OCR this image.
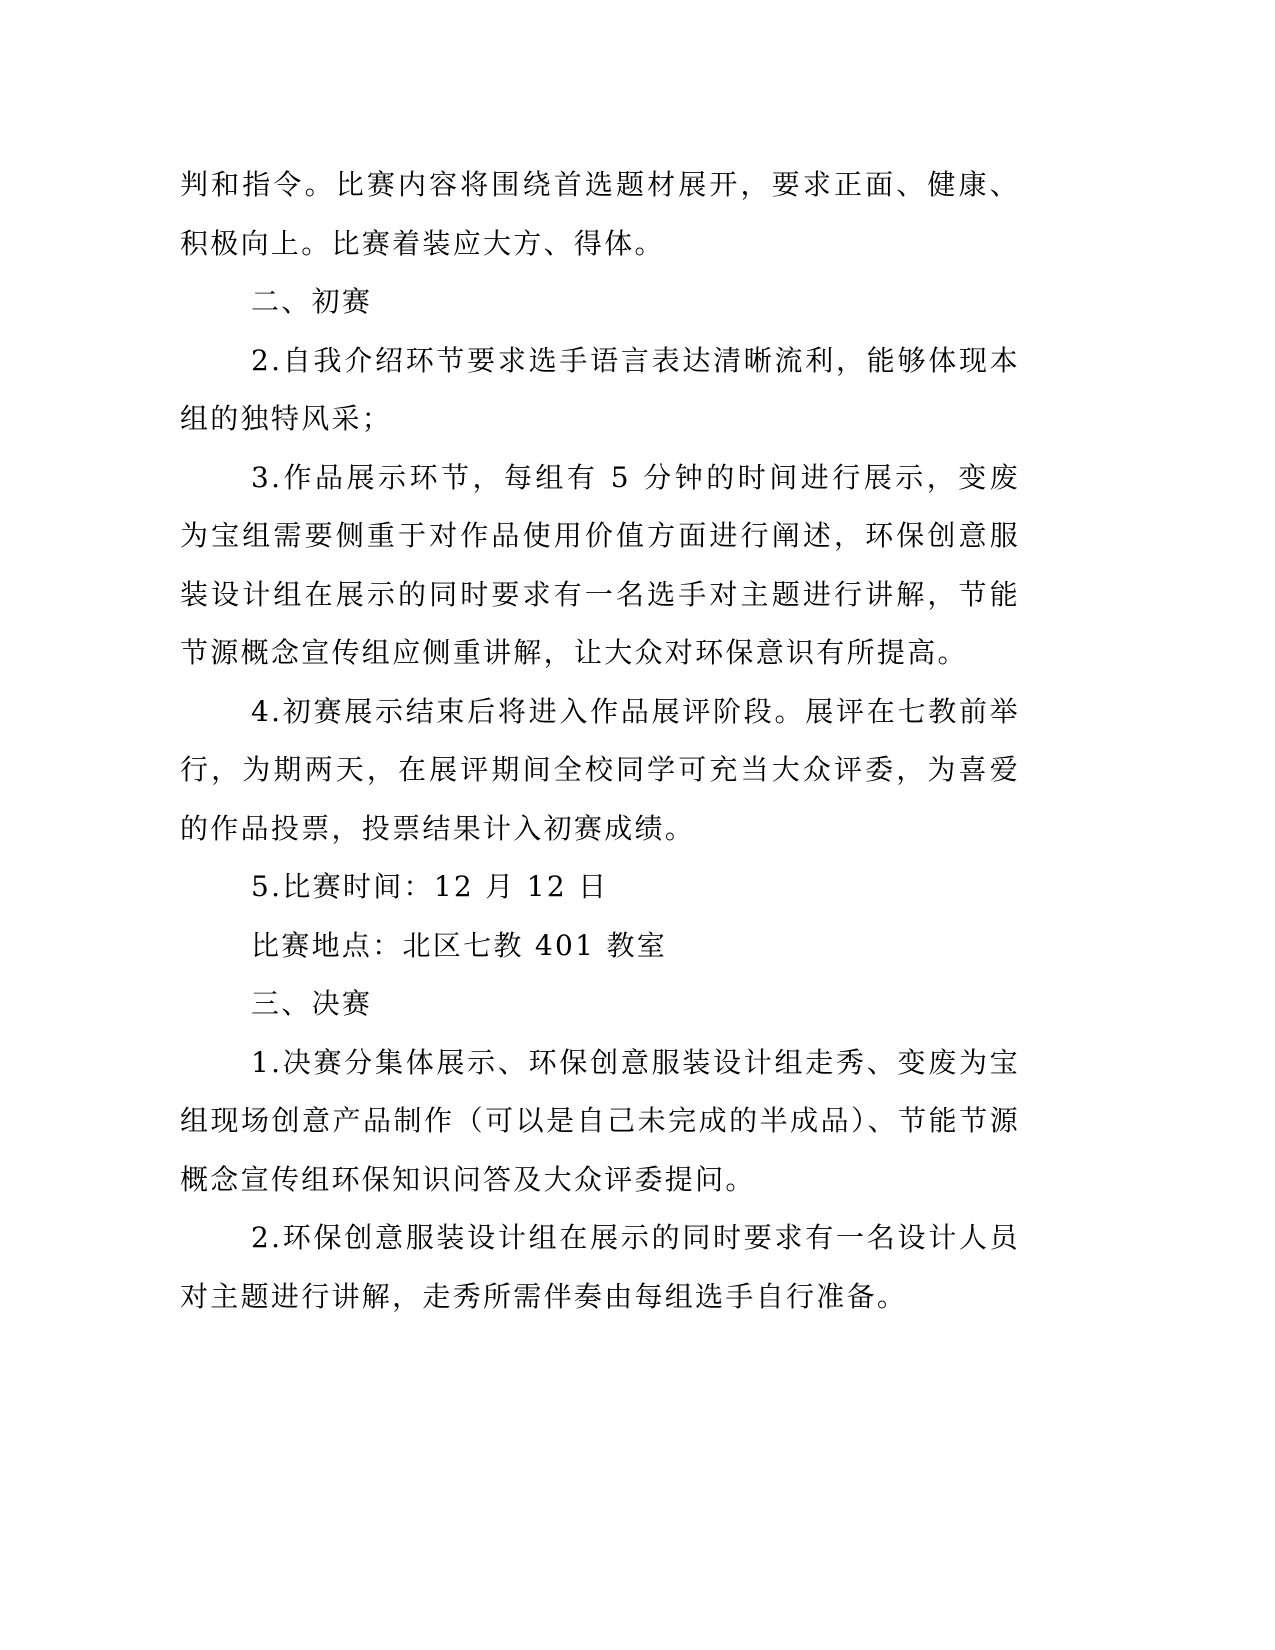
判和指令。比赛内容将围绕首选题材展开，要求正面、健康、积极向上。比赛着装应大方、得体。

二、初赛

2.自我介绍环节要求选手语言表达清晰流利，能够体现本组的独特风采；

3.作品展示环节，每组有 5 分钟的时间进行展示，变废为宝组需要侧重于对作品使用价值方面进行阐述，环保创意服装设计组在展示的同时要求有一名选手对主题进行讲解，节能节源概念宣传组应侧重讲解，让大众对环保意识有所提高。

4.初赛展示结束后将进入作品展评阶段。展评在七教前举行，为期两天，在展评期间全校同学可充当大众评委，为喜爱的作品投票，投票结果计入初赛成绩。

5.比赛时间：12 月 12 日

比赛地点：北区七教 401 教室

三、决赛

1.决赛分集体展示、环保创意服装设计组走秀、变废为宝组现场创意产品制作（可以是自己未完成的半成品）、节能节源概念宣传组环保知识问答及大众评委提问。

2.环保创意服装设计组在展示的同时要求有一名设计人员对主题进行讲解，走秀所需伴奏由每组选手自行准备。
